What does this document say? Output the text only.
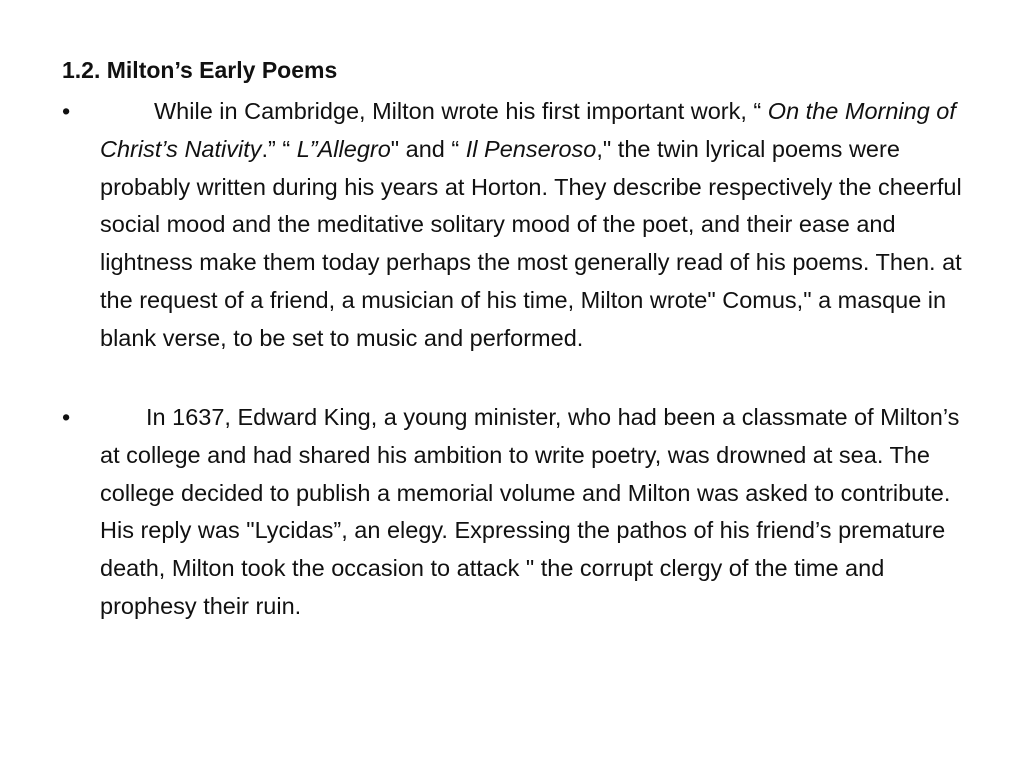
1.2. Milton’s Early Poems
•	While in Cambridge, Milton wrote his first important work, “ On the Morning of Christ’s Nativity.” “ L”Allegro" and “ Il Penseroso," the twin lyrical poems were probably written during his years at Horton. They describe respectively the cheerful social mood and the meditative solitary mood of the poet, and their ease and lightness make them today perhaps the most generally read of his poems. Then. at the request of a friend, a musician of his time, Milton wrote" Comus," a masque in blank verse, to be set to music and performed.
•	In 1637, Edward King, a young minister, who had been a classmate of Milton’s at college and had shared his ambition to write poetry, was drowned at sea. The college decided to publish a memorial volume and Milton was asked to contribute. His reply was "Lycidas”, an elegy. Expressing the pathos of his friend’s premature death, Milton took the occasion to attack " the corrupt clergy of the time and prophesy their ruin.
